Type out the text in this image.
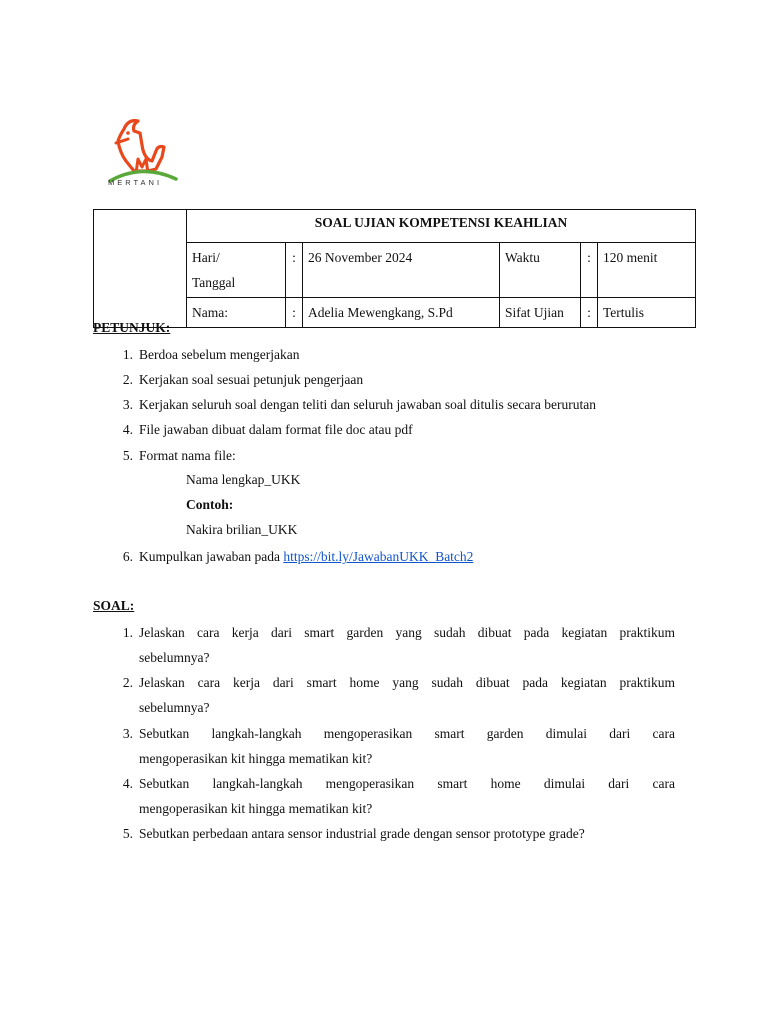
MERTANI
	SOAL UJIAN KOMPETENSI KEAHLIAN					
	Hari/
Tanggal	:	26 November 2024	Waktu	:	120 menit
	Nama:	:	Adelia Mewengkang, S.Pd	Sifat Ujian	:	Tertulis
PETUNJUK:
1. Berdoa sebelum mengerjakan
2. Kerjakan soal sesuai petunjuk pengerjaan
3. Kerjakan seluruh soal dengan teliti dan seluruh jawaban soal ditulis secara berurutan
4. File jawaban dibuat dalam format file doc atau pdf
5. Format nama file:
Nama lengkap_UKK
Contoh:
Nakira brilian_UKK
6. Kumpulkan jawaban pada https://bit.ly/JawabanUKK_Batch2
SOAL:
1. Jelaskan cara kerja dari smart garden yang sudah dibuat pada kegiatan praktikum
sebelumnya?
2. Jelaskan cara kerja dari smart home yang sudah dibuat pada kegiatan praktikum
sebelumnya?
3. Sebutkan langkah-langkah mengoperasikan smart garden dimulai dari cara
mengoperasikan kit hingga mematikan kit?
4. Sebutkan langkah-langkah mengoperasikan smart home dimulai dari cara
mengoperasikan kit hingga mematikan kit?
5. Sebutkan perbedaan antara sensor industrial grade dengan sensor prototype grade?
